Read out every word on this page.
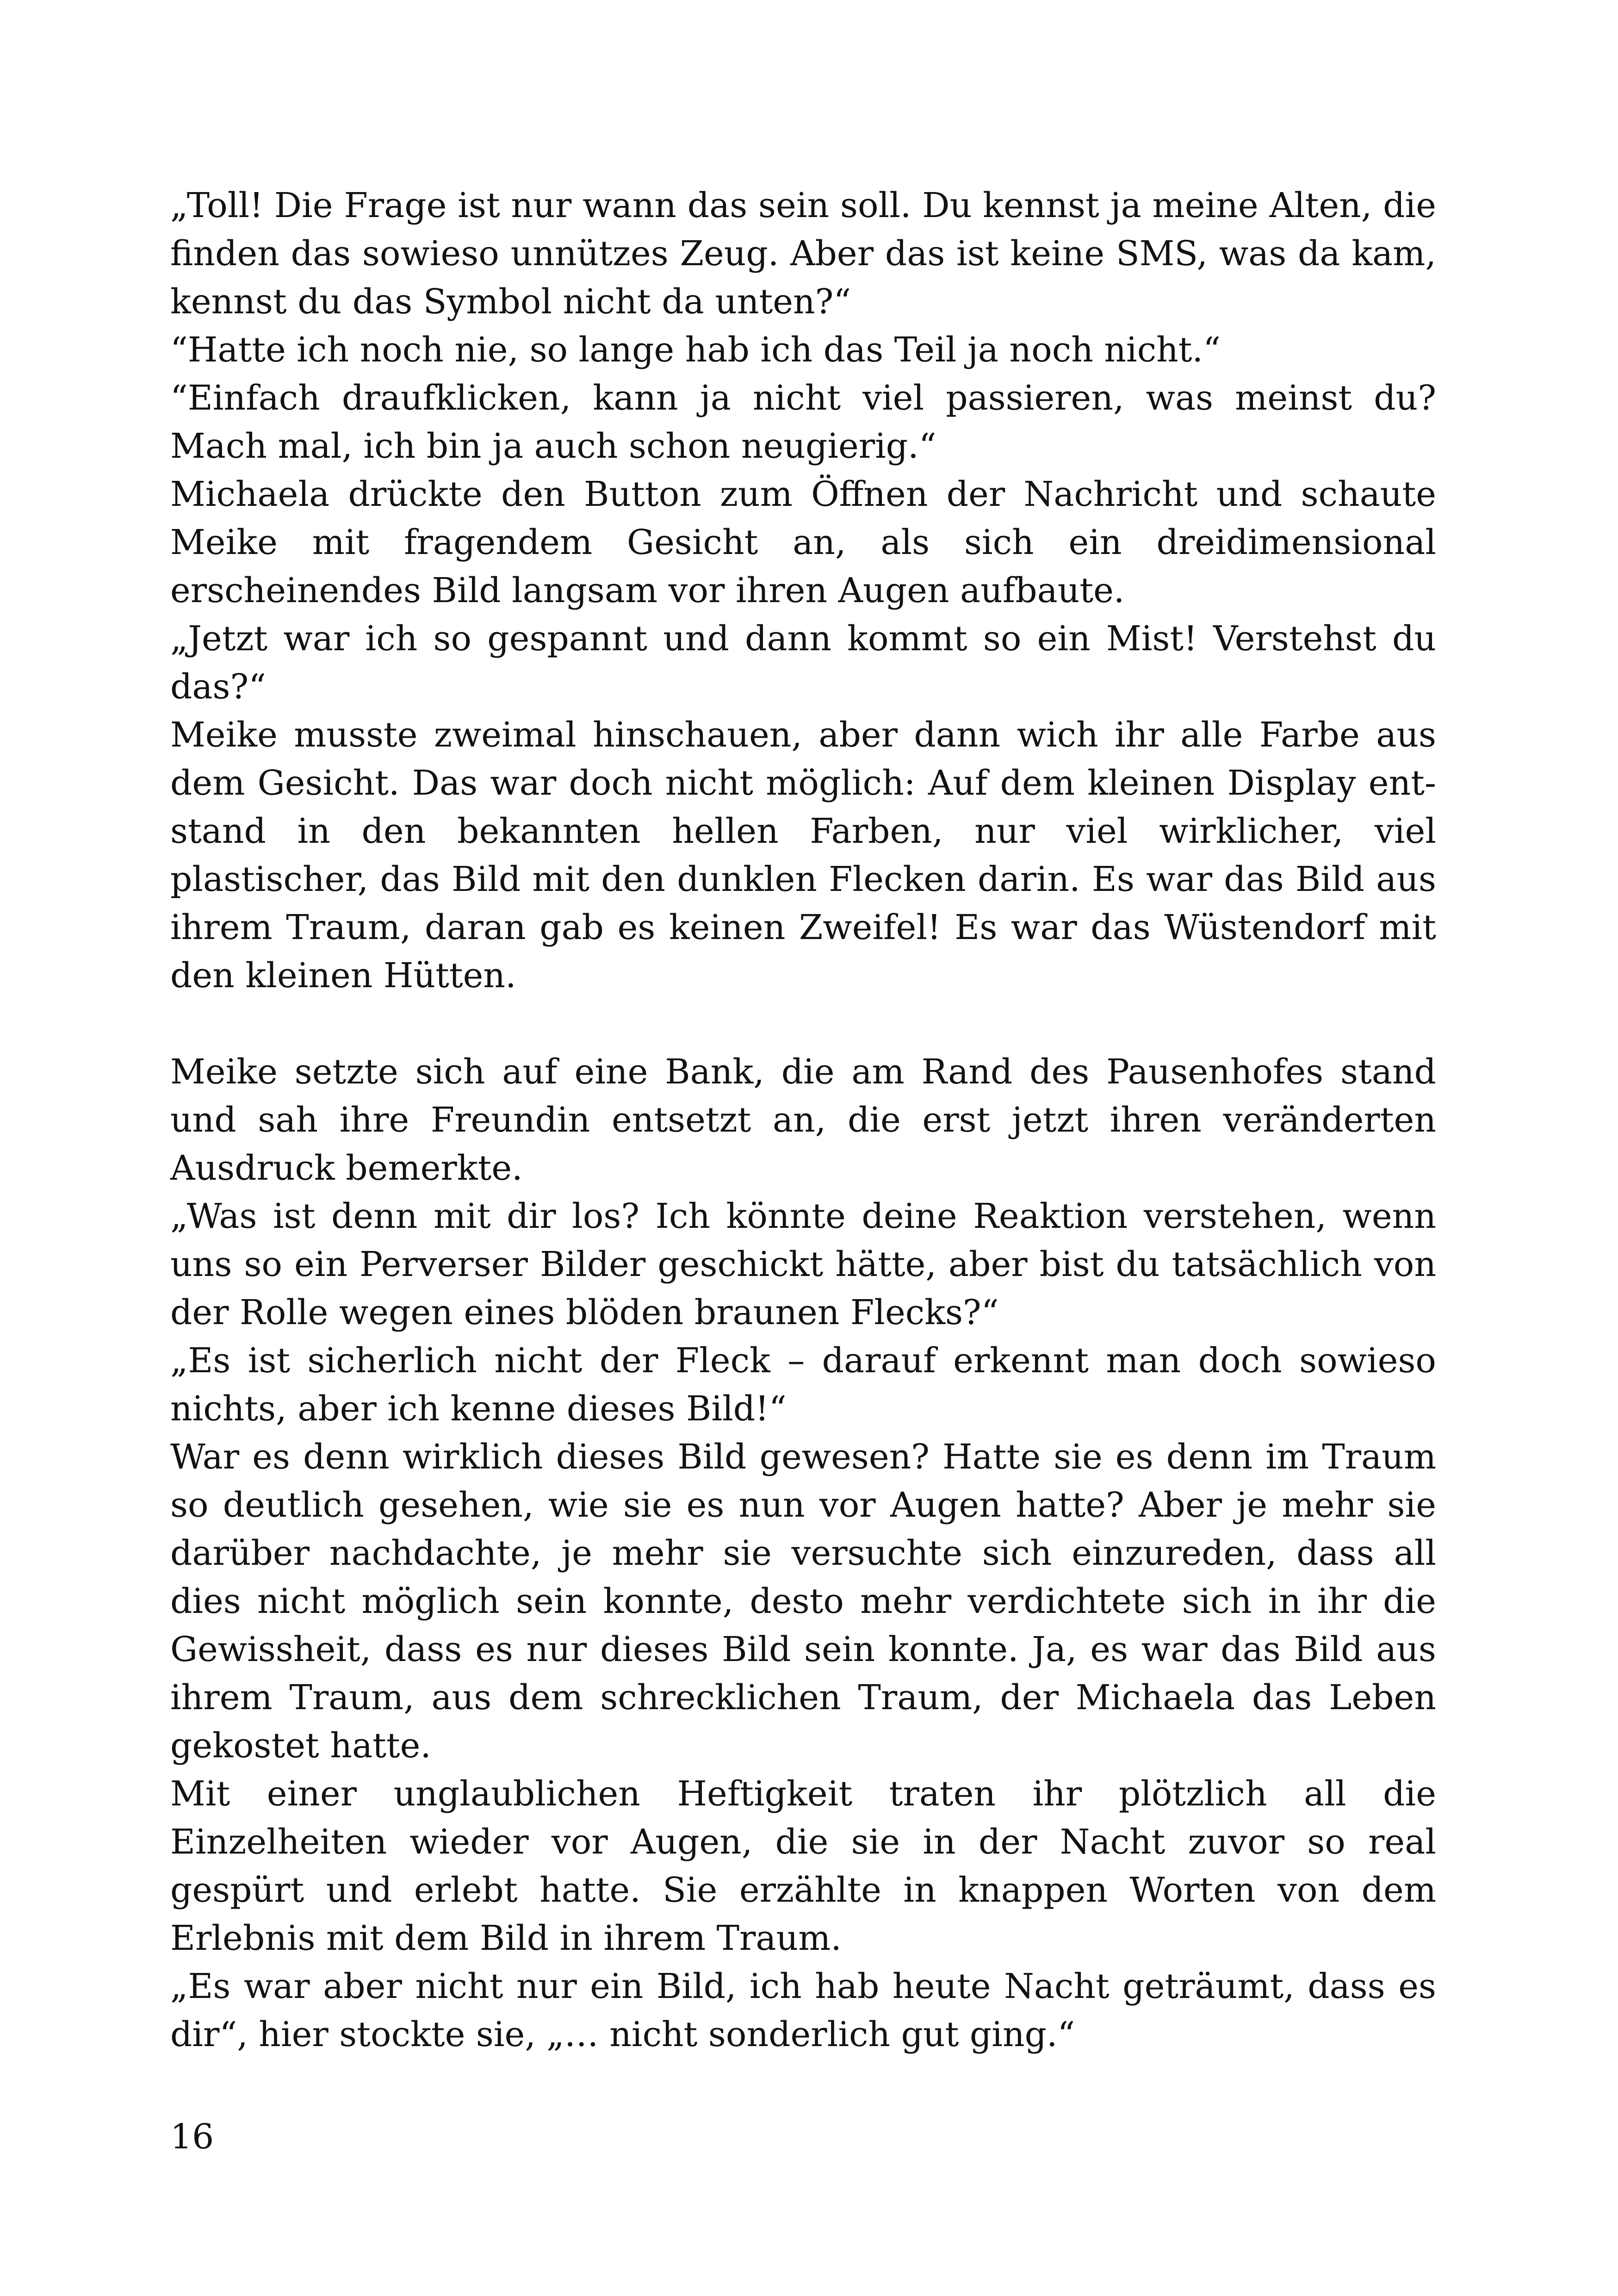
„Toll! Die Frage ist nur wann das sein soll. Du kennst ja meine Alten, die finden das sowieso unnützes Zeug. Aber das ist keine SMS, was da kam, kennst du das Symbol nicht da unten?“

“Hatte ich noch nie, so lange hab ich das Teil ja noch nicht.“

“Einfach draufklicken, kann ja nicht viel passieren, was meinst du? Mach mal, ich bin ja auch schon neugierig.“

Michaela drückte den Button zum Öffnen der Nachricht und schaute Meike mit fragendem Gesicht an, als sich ein dreidimensional erscheinendes Bild langsam vor ihren Augen aufbaute.

„Jetzt war ich so gespannt und dann kommt so ein Mist! Verstehst du das?“

Meike musste zweimal hinschauen, aber dann wich ihr alle Farbe aus dem Gesicht. Das war doch nicht möglich: Auf dem kleinen Display entstand in den bekannten hellen Farben, nur viel wirklicher, viel plastischer, das Bild mit den dunklen Flecken darin. Es war das Bild aus ihrem Traum, daran gab es keinen Zweifel! Es war das Wüstendorf mit den kleinen Hütten.

Meike setzte sich auf eine Bank, die am Rand des Pausenhofes stand und sah ihre Freundin entsetzt an, die erst jetzt ihren veränderten Ausdruck bemerkte.

„Was ist denn mit dir los? Ich könnte deine Reaktion verstehen, wenn uns so ein Perverser Bilder geschickt hätte, aber bist du tatsächlich von der Rolle wegen eines blöden braunen Flecks?“

„Es ist sicherlich nicht der Fleck – darauf erkennt man doch sowieso nichts, aber ich kenne dieses Bild!“

War es denn wirklich dieses Bild gewesen? Hatte sie es denn im Traum so deutlich gesehen, wie sie es nun vor Augen hatte? Aber je mehr sie darüber nachdachte, je mehr sie versuchte sich einzureden, dass all dies nicht möglich sein konnte, desto mehr verdichtete sich in ihr die Gewissheit, dass es nur dieses Bild sein konnte. Ja, es war das Bild aus ihrem Traum, aus dem schrecklichen Traum, der Michaela das Leben gekostet hatte.

Mit einer unglaublichen Heftigkeit traten ihr plötzlich all die Einzelheiten wieder vor Augen, die sie in der Nacht zuvor so real gespürt und erlebt hatte. Sie erzählte in knappen Worten von dem Erlebnis mit dem Bild in ihrem Traum.

„Es war aber nicht nur ein Bild, ich hab heute Nacht geträumt, dass es dir“, hier stockte sie, „… nicht sonderlich gut ging.“

16
